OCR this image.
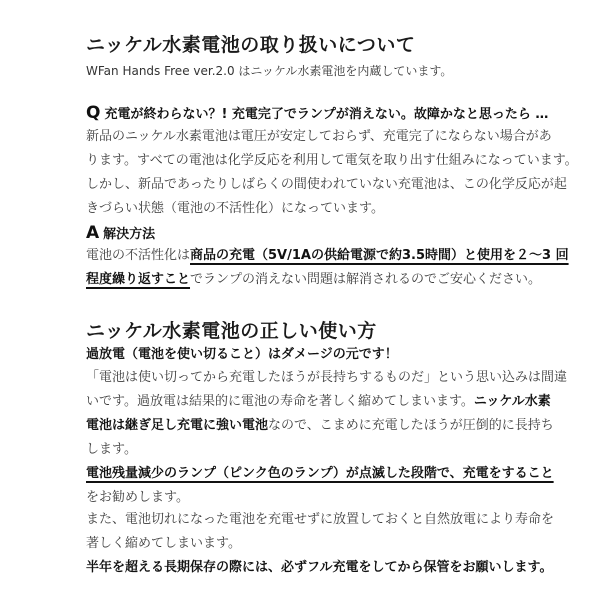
ニッケル水素電池の取り扱いについて
WFan Hands Free ver.2.0 はニッケル水素電池を内蔵しています。
Q 充電が終わらない？! 充電完了でランプが消えない。故障かなと思ったら …
新品のニッケル水素電池は電圧が安定しておらず、充電完了にならない場合があ
ります。すべての電池は化学反応を利用して電気を取り出す仕組みになっています。
しかし、新品であったりしばらくの間使われていない充電池は、この化学反応が起
きづらい状態（電池の不活性化）になっています。
A 解決方法
電池の不活性化は商品の充電（5V/1Aの供給電源で約3.5時間）と使用を２～3 回
程度繰り返すことでランプの消えない問題は解消されるのでご安心ください。
ニッケル水素電池の正しい使い方
過放電（電池を使い切ること）はダメージの元です！
「電池は使い切ってから充電したほうが長持ちするものだ」という思い込みは間違
いです。過放電は結果的に電池の寿命を著しく縮めてしまいます。ニッケル水素
電池は継ぎ足し充電に強い電池なので、こまめに充電したほうが圧倒的に長持ち
します。
電池残量減少のランプ（ピンク色のランプ）が点滅した段階で、充電をすること
をお勧めします。
また、電池切れになった電池を充電せずに放置しておくと自然放電により寿命を
著しく縮めてしまいます。
半年を超える長期保存の際には、必ずフル充電をしてから保管をお願いします。
